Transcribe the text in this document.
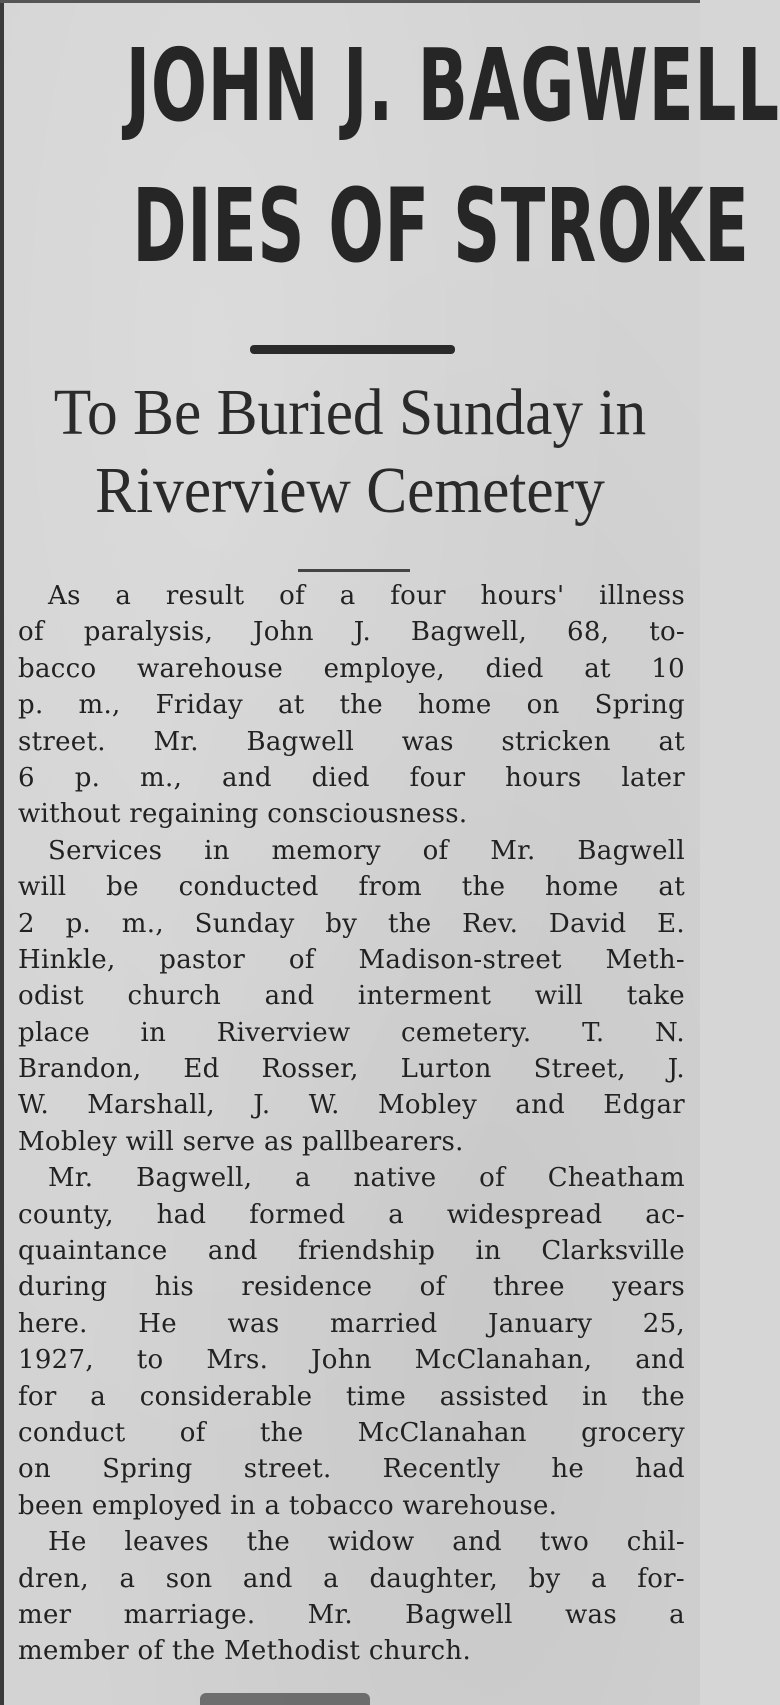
JOHN J. BAGWELL
DIES OF STROKE
To Be Buried Sunday in
Riverview Cemetery
As a result of a four hours' illness
of paralysis, John J. Bagwell, 68, to-
bacco warehouse employe, died at 10
p. m., Friday at the home on Spring
street. Mr. Bagwell was stricken at
6 p. m., and died four hours later
without regaining consciousness.
Services in memory of Mr. Bagwell
will be conducted from the home at
2 p. m., Sunday by the Rev. David E.
Hinkle, pastor of Madison-street Meth-
odist church and interment will take
place in Riverview cemetery. T. N.
Brandon, Ed Rosser, Lurton Street, J.
W. Marshall, J. W. Mobley and Edgar
Mobley will serve as pallbearers.
Mr. Bagwell, a native of Cheatham
county, had formed a widespread ac-
quaintance and friendship in Clarksville
during his residence of three years
here. He was married January 25,
1927, to Mrs. John McClanahan, and
for a considerable time assisted in the
conduct of the McClanahan grocery
on Spring street. Recently he had
been employed in a tobacco warehouse.
He leaves the widow and two chil-
dren, a son and a daughter, by a for-
mer marriage. Mr. Bagwell was a
member of the Methodist church.
